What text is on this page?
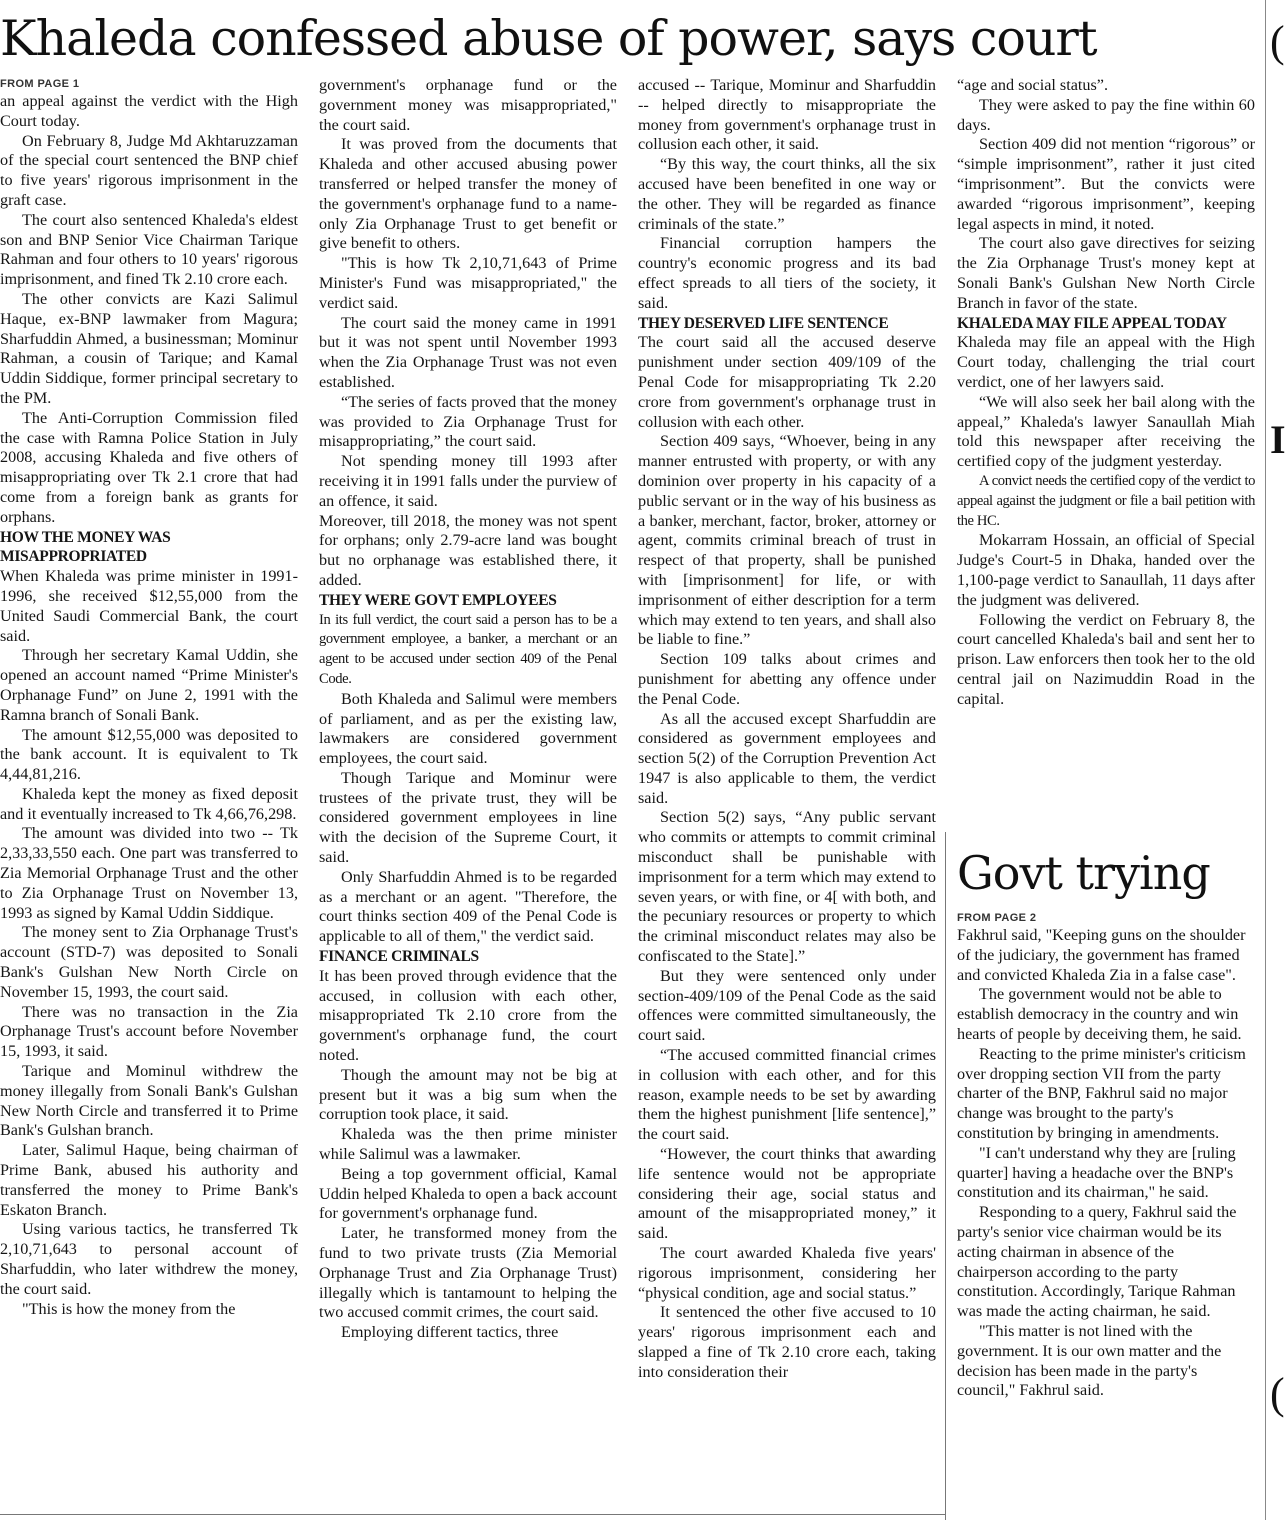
Khaleda confessed abuse of power, says court
FROM PAGE 1

an appeal against the verdict with the High Court today.

On February 8, Judge Md Akhtaruzzaman of the special court sentenced the BNP chief to five years' rigorous imprisonment in the graft case.

The court also sentenced Khaleda's eldest son and BNP Senior Vice Chairman Tarique Rahman and four others to 10 years' rigorous imprisonment, and fined Tk 2.10 crore each.

The other convicts are Kazi Salimul Haque, ex-BNP lawmaker from Magura; Sharfuddin Ahmed, a businessman; Mominur Rahman, a cousin of Tarique; and Kamal Uddin Siddique, former principal secretary to the PM.

The Anti-Corruption Commission filed the case with Ramna Police Station in July 2008, accusing Khaleda and five others of misappropriating over Tk 2.1 crore that had come from a foreign bank as grants for orphans.

HOW THE MONEY WAS MISAPPROPRIATED

When Khaleda was prime minister in 1991-1996, she received $12,55,000 from the United Saudi Commercial Bank, the court said.

Through her secretary Kamal Uddin, she opened an account named “Prime Minister's Orphanage Fund” on June 2, 1991 with the Ramna branch of Sonali Bank.

The amount $12,55,000 was deposited to the bank account. It is equivalent to Tk 4,44,81,216.

Khaleda kept the money as fixed deposit and it eventually increased to Tk 4,66,76,298.

The amount was divided into two -- Tk 2,33,33,550 each. One part was transferred to Zia Memorial Orphanage Trust and the other to Zia Orphanage Trust on November 13, 1993 as signed by Kamal Uddin Siddique.

The money sent to Zia Orphanage Trust's account (STD-7) was deposited to Sonali Bank's Gulshan New North Circle on November 15, 1993, the court said.

There was no transaction in the Zia Orphanage Trust's account before November 15, 1993, it said.

Tarique and Mominul withdrew the money illegally from Sonali Bank's Gulshan New North Circle and transferred it to Prime Bank's Gulshan branch.

Later, Salimul Haque, being chairman of Prime Bank, abused his authority and transferred the money to Prime Bank's Eskaton Branch.

Using various tactics, he transferred Tk 2,10,71,643 to personal account of Sharfuddin, who later withdrew the money, the court said.

"This is how the money from the

government's orphanage fund or the government money was misappropriated," the court said.

It was proved from the documents that Khaleda and other accused abusing power transferred or helped transfer the money of the government's orphanage fund to a name-only Zia Orphanage Trust to get benefit or give benefit to others.

"This is how Tk 2,10,71,643 of Prime Minister's Fund was misappropriated," the verdict said.

The court said the money came in 1991 but it was not spent until November 1993 when the Zia Orphanage Trust was not even established.

“The series of facts proved that the money was provided to Zia Orphanage Trust for misappropriating,” the court said.

Not spending money till 1993 after receiving it in 1991 falls under the purview of an offence, it said.

Moreover, till 2018, the money was not spent for orphans; only 2.79-acre land was bought but no orphanage was established there, it added.

THEY WERE GOVT EMPLOYEES

In its full verdict, the court said a person has to be a government employee, a banker, a merchant or an agent to be accused under section 409 of the Penal Code.

Both Khaleda and Salimul were members of parliament, and as per the existing law, lawmakers are considered government employees, the court said.

Though Tarique and Mominur were trustees of the private trust, they will be considered government employees in line with the decision of the Supreme Court, it said.

Only Sharfuddin Ahmed is to be regarded as a merchant or an agent. "Therefore, the court thinks section 409 of the Penal Code is applicable to all of them," the verdict said.

FINANCE CRIMINALS

It has been proved through evidence that the accused, in collusion with each other, misappropriated Tk 2.10 crore from the government's orphanage fund, the court noted.

Though the amount may not be big at present but it was a big sum when the corruption took place, it said.

Khaleda was the then prime minister while Salimul was a lawmaker.

Being a top government official, Kamal Uddin helped Khaleda to open a back account for government's orphanage fund.

Later, he transformed money from the fund to two private trusts (Zia Memorial Orphanage Trust and Zia Orphanage Trust) illegally which is tantamount to helping the two accused commit crimes, the court said.

Employing different tactics, three

accused -- Tarique, Mominur and Sharfuddin -- helped directly to misappropriate the money from government's orphanage trust in collusion each other, it said.

“By this way, the court thinks, all the six accused have been benefited in one way or the other. They will be regarded as finance criminals of the state.”

Financial corruption hampers the country's economic progress and its bad effect spreads to all tiers of the society, it said.

THEY DESERVED LIFE SENTENCE

The court said all the accused deserve punishment under section 409/109 of the Penal Code for misappropriating Tk 2.20 crore from government's orphanage trust in collusion with each other.

Section 409 says, “Whoever, being in any manner entrusted with property, or with any dominion over property in his capacity of a public servant or in the way of his business as a banker, merchant, factor, broker, attorney or agent, commits criminal breach of trust in respect of that property, shall be punished with [imprisonment] for life, or with imprisonment of either description for a term which may extend to ten years, and shall also be liable to fine.”

Section 109 talks about crimes and punishment for abetting any offence under the Penal Code.

As all the accused except Sharfuddin are considered as government employees and section 5(2) of the Corruption Prevention Act 1947 is also applicable to them, the verdict said.

Section 5(2) says, “Any public servant who commits or attempts to commit criminal misconduct shall be punishable with imprisonment for a term which may extend to seven years, or with fine, or 4[ with both, and the pecuniary resources or property to which the criminal misconduct relates may also be confiscated to the State].”

But they were sentenced only under section-409/109 of the Penal Code as the said offences were committed simultaneously, the court said.

“The accused committed financial crimes in collusion with each other, and for this reason, example needs to be set by awarding them the highest punishment [life sentence],” the court said.

“However, the court thinks that awarding life sentence would not be appropriate considering their age, social status and amount of the misappropriated money,” it said.

The court awarded Khaleda five years' rigorous imprisonment, considering her “physical condition, age and social status.”

It sentenced the other five accused to 10 years' rigorous imprisonment each and slapped a fine of Tk 2.10 crore each, taking into consideration their

“age and social status”.

They were asked to pay the fine within 60 days.

Section 409 did not mention “rigorous” or “simple imprisonment”, rather it just cited “imprisonment”. But the convicts were awarded “rigorous imprisonment”, keeping legal aspects in mind, it noted.

The court also gave directives for seizing the Zia Orphanage Trust's money kept at Sonali Bank's Gulshan New North Circle Branch in favor of the state.

KHALEDA MAY FILE APPEAL TODAY

Khaleda may file an appeal with the High Court today, challenging the trial court verdict, one of her lawyers said.

“We will also seek her bail along with the appeal,” Khaleda's lawyer Sanaullah Miah told this newspaper after receiving the certified copy of the judgment yesterday.

A convict needs the certified copy of the verdict to appeal against the judgment or file a bail petition with the HC.

Mokarram Hossain, an official of Special Judge's Court-5 in Dhaka, handed over the 1,100-page verdict to Sanaullah, 11 days after the judgment was delivered.

Following the verdict on February 8, the court cancelled Khaleda's bail and sent her to prison. Law enforcers then took her to the old central jail on Nazimuddin Road in the capital.

Govt trying
FROM PAGE 2

Fakhrul said, "Keeping guns on the shoulder of the judiciary, the government has framed and convicted Khaleda Zia in a false case".

The government would not be able to establish democracy in the country and win hearts of people by deceiving them, he said.

Reacting to the prime minister's criticism over dropping section VII from the party charter of the BNP, Fakhrul said no major change was brought to the party's constitution by bringing in amendments.

"I can't understand why they are [ruling quarter] having a headache over the BNP's constitution and its chairman," he said.

Responding to a query, Fakhrul said the party's senior vice chairman would be its acting chairman in absence of the chairperson according to the party constitution. Accordingly, Tarique Rahman was made the acting chairman, he said.

"This matter is not lined with the government. It is our own matter and the decision has been made in the party's council," Fakhrul said.

(
I
(
